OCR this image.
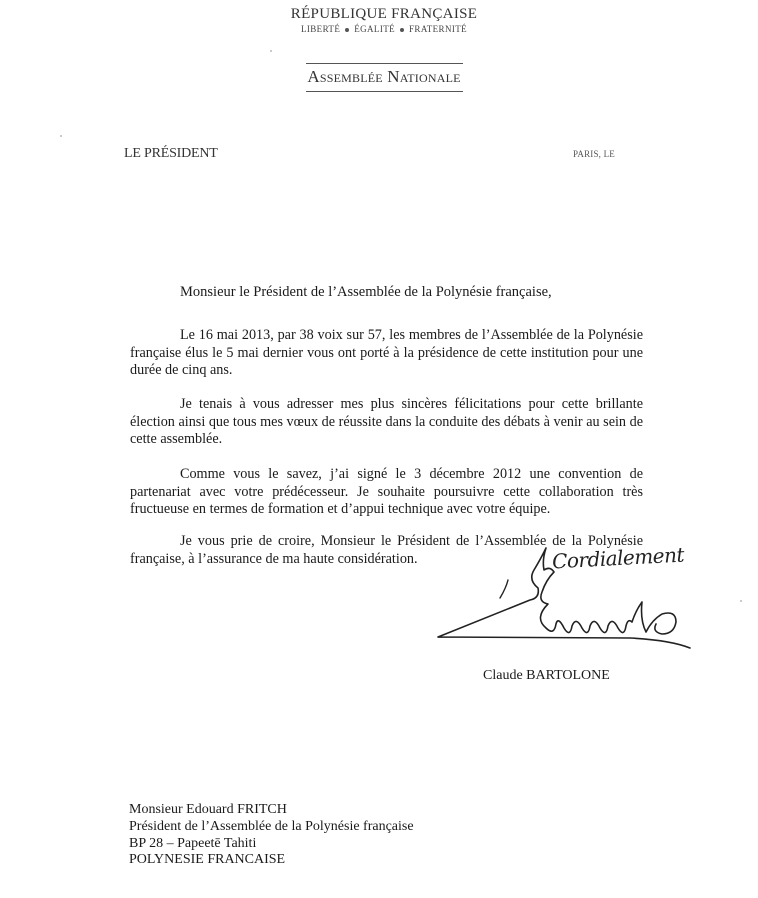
RÉPUBLIQUE FRANÇAISE
LIBERTÉ ÉGALITÉ FRATERNITÉ
Assemblée Nationale
LE PRÉSIDENT	PARIS, LE
Monsieur le Président de l’Assemblée de la Polynésie française,
Le 16 mai 2013, par 38 voix sur 57, les membres de l’Assemblée de la Polynésie française élus le 5 mai dernier vous ont porté à la présidence de cette institution pour une durée de cinq ans.
Je tenais à vous adresser mes plus sincères félicitations pour cette brillante élection ainsi que tous mes vœux de réussite dans la conduite des débats à venir au sein de cette assemblée.
Comme vous le savez, j’ai signé le 3 décembre 2012 une convention de partenariat avec votre prédécesseur. Je souhaite poursuivre cette collaboration très fructueuse en termes de formation et d’appui technique avec votre équipe.
Je vous prie de croire, Monsieur le Président de l’Assemblée de la Polynésie française, à l’assurance de ma haute considération.	Cordialement
Claude BARTOLONE
Monsieur Edouard FRITCH
Président de l’Assemblée de la Polynésie française
BP 28 – Papeetē Tahiti
POLYNESIE FRANCAISE
